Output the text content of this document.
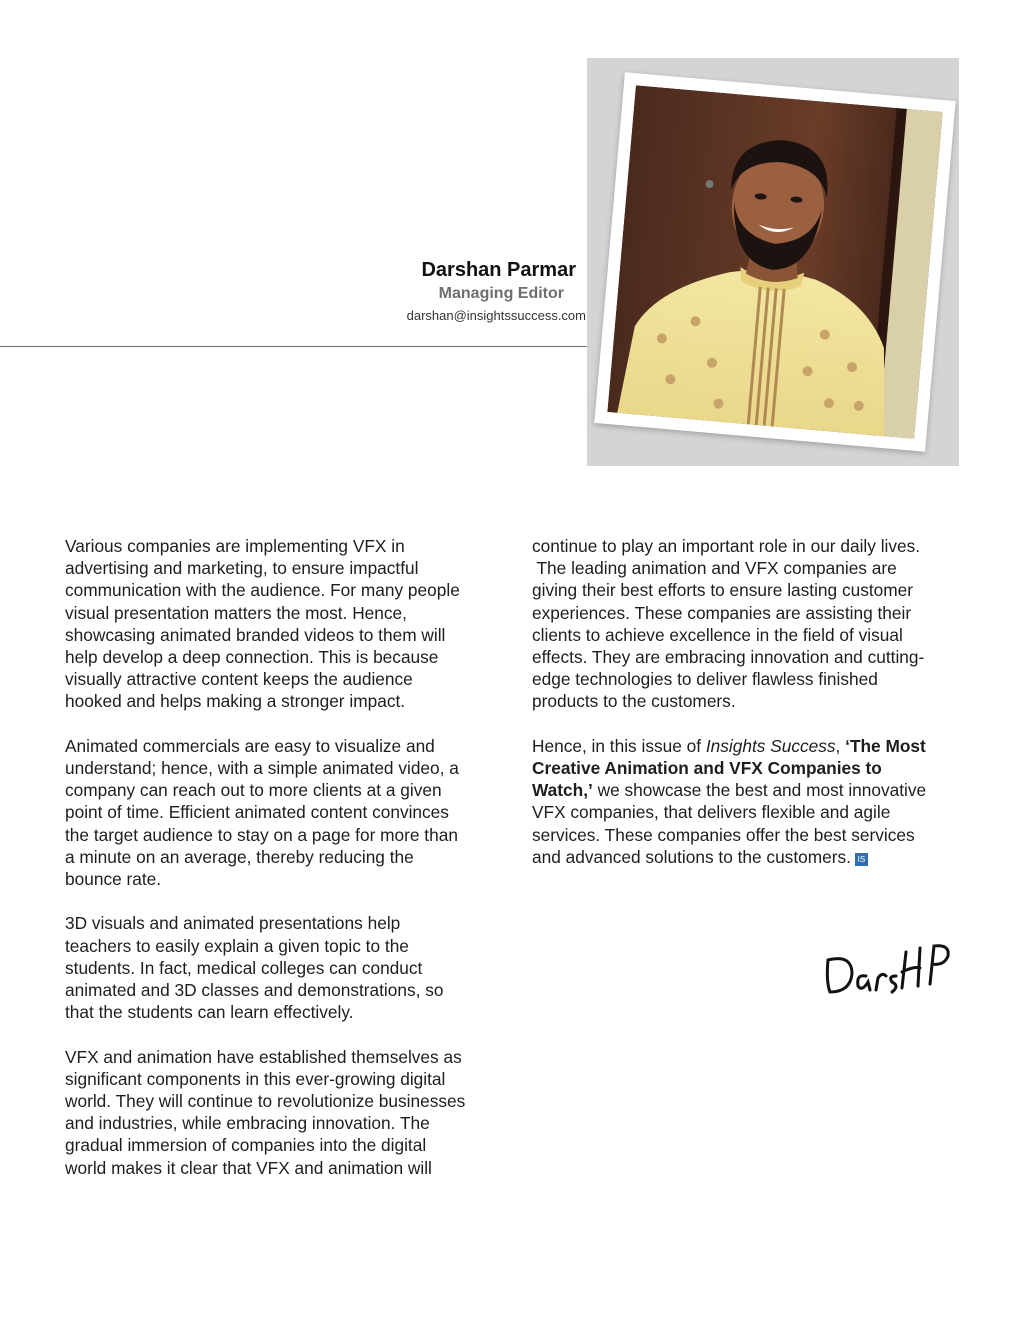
Darshan Parmar
Managing Editor
darshan@insightssuccess.com

Various companies are implementing VFX in
advertising and marketing, to ensure impactful
communication with the audience. For many people
visual presentation matters the most. Hence,
showcasing animated branded videos to them will
help develop a deep connection. This is because
visually attractive content keeps the audience
hooked and helps making a stronger impact.

Animated commercials are easy to visualize and
understand; hence, with a simple animated video, a
company can reach out to more clients at a given
point of time. Efficient animated content convinces
the target audience to stay on a page for more than
a minute on an average, thereby reducing the
bounce rate.

3D visuals and animated presentations help
teachers to easily explain a given topic to the
students. In fact, medical colleges can conduct
animated and 3D classes and demonstrations, so
that the students can learn effectively.

VFX and animation have established themselves as
significant components in this ever-growing digital
world. They will continue to revolutionize businesses
and industries, while embracing innovation. The
gradual immersion of companies into the digital
world makes it clear that VFX and animation will

continue to play an important role in our daily lives.
The leading animation and VFX companies are
giving their best efforts to ensure lasting customer
experiences. These companies are assisting their
clients to achieve excellence in the field of visual
effects. They are embracing innovation and cutting-
edge technologies to deliver flawless finished
products to the customers.

Hence, in this issue of Insights Success, ‘The Most
Creative Animation and VFX Companies to
Watch,’ we showcase the best and most innovative
VFX companies, that delivers flexible and agile
services. These companies offer the best services
and advanced solutions to the customers. IS
